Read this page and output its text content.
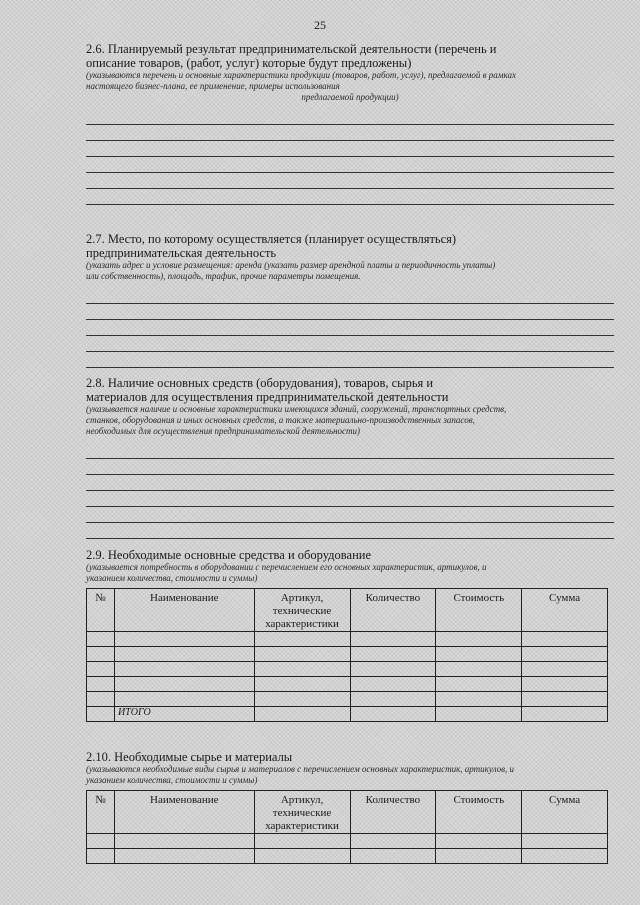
25

2.6. Планируемый результат предпринимательской деятельности (перечень и

описание товаров, (работ, услуг) которые будут предложены)

(указываются перечень и основные характеристики продукции (товаров, работ, услуг), предлагаемой в рамках

настоящего бизнес-плана, ее применение, примеры использования

предлагаемой продукции)

2.7. Место, по которому осуществляется (планирует осуществляться)

предпринимательская деятельность

(указать адрес и условие размещения: аренда (указать размер арендной платы и периодичность уплаты)

или собственность), площадь, трафик, прочие параметры помещения.

2.8. Наличие основных средств (оборудования), товаров, сырья и

материалов для осуществления предпринимательской деятельности

(указывается наличие и основные характеристики имеющихся зданий, сооружений, транспортных средств,

станков, оборудования и иных основных средств, а также материально-производственных запасов,

необходимых для осуществления предпринимательской деятельности)

2.9. Необходимые основные средства и оборудование

(указывается потребность в оборудовании с перечислением его основных характеристик, артикулов, и

указанием количества, стоимости и суммы)

№	Наименование	Артикул, технические характеристики	Количество	Стоимость	Сумма

	ИТОГО				

2.10. Необходимые сырье и материалы

(указываются необходимые виды сырья и материалов с перечислением основных характеристик, артикулов, и

указанием количества, стоимости и суммы)

№	Наименование	Артикул, технические характеристики	Количество	Стоимость	Сумма
